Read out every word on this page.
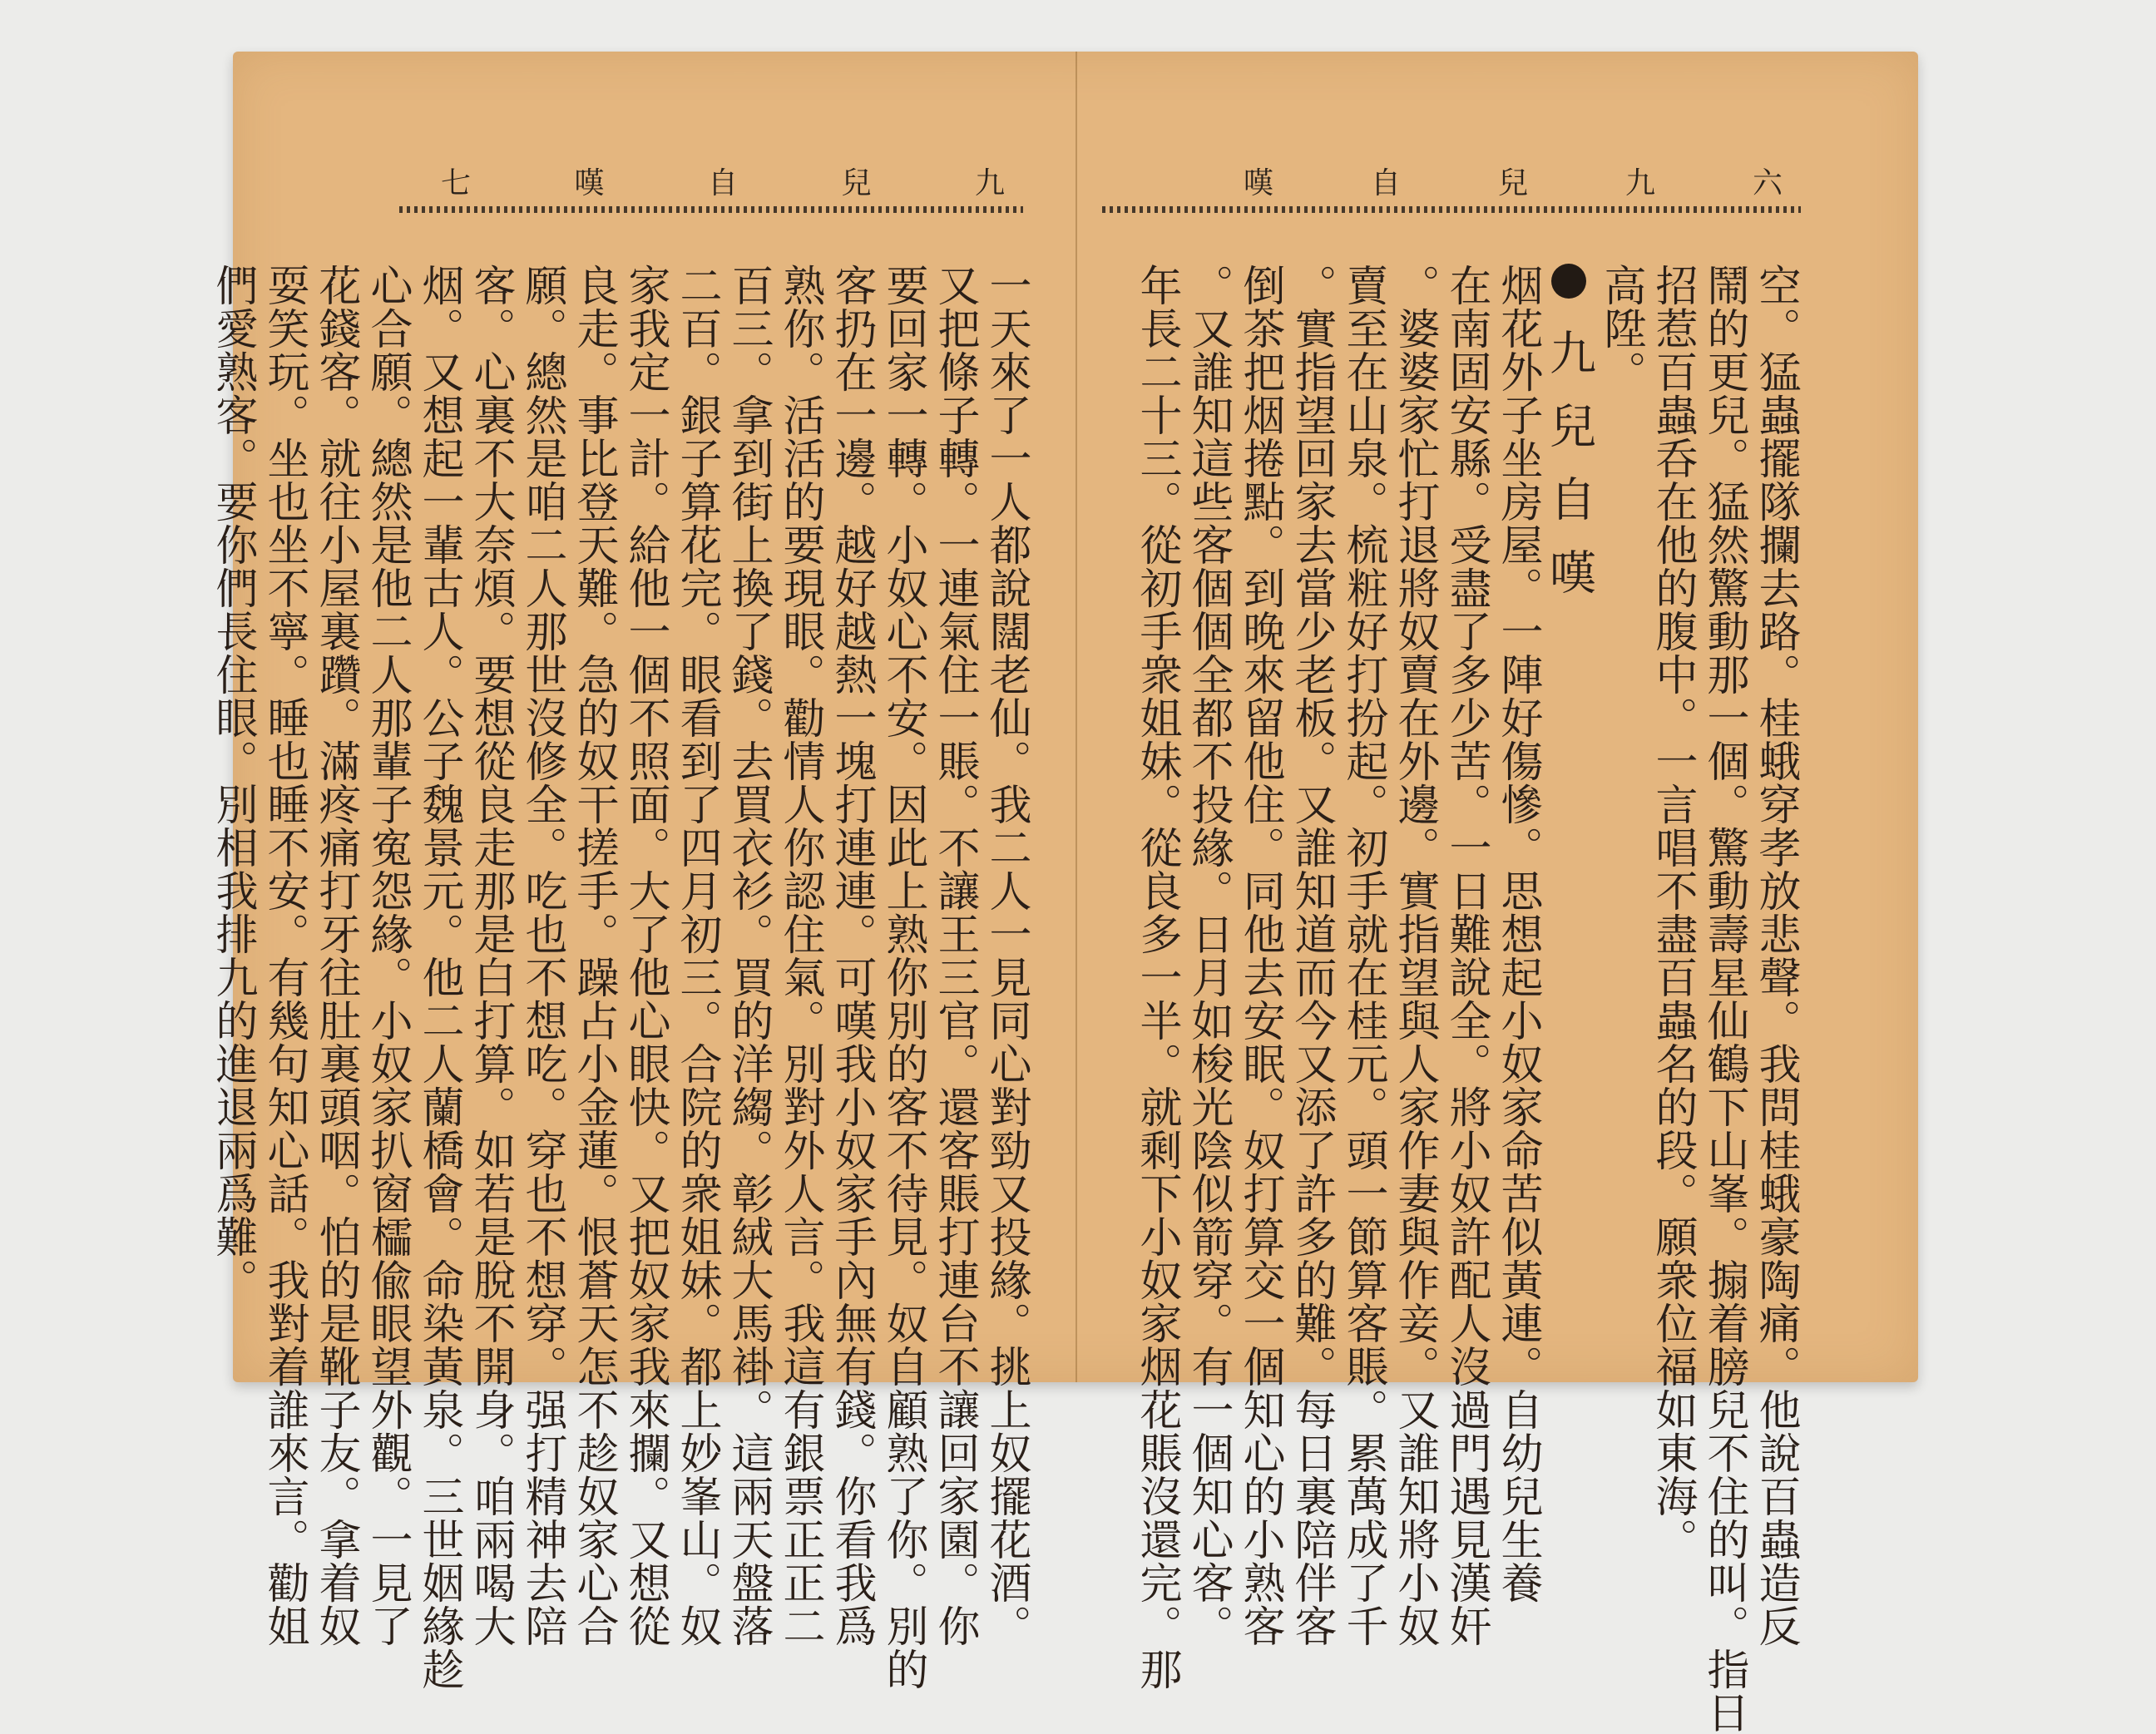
七	嘆	自	兒	九
一天來了一人都說闊老仙。我二人一見同心對勁又投緣。挑上奴擺花酒。
又把條子轉。一連氣住一賬。不讓王三官。還客賬打連台不讓回家園。你
要回家一轉。小奴心不安。因此上熟你別的客不待見。奴自顧熟了你。別的
客扔在一邊。越好越熱一塊打連連。可嘆我小奴家手內無有錢。你看我爲
熟你。活活的要現眼。勸情人你認住氣。別對外人言。我這有銀票正正二
百三。拿到街上換了錢。去買衣衫。買的洋縐。彰絨大馬褂。這兩天盤落
二百。銀子算花完。眼看到了四月初三。合院的衆姐妹。都上妙峯山。奴
家我定一計。給他一個不照面。大了他心眼快。又把奴家我來攔。又想從
良走。事比登天難。急的奴干搓手。躁占小金蓮。恨蒼天怎不趁奴家心合
願。總然是咱二人那世沒修全。吃也不想吃。穿也不想穿。强打精神去陪
客。心裏不大奈煩。要想從良走那是白打算。如若是脫不開身。咱兩喝大
烟。又想起一輩古人。公子魏景元。他二人蘭橋會。命染黃泉。三世姻緣趁
心合願。總然是他二人那輩子寃怨緣。小奴家扒窗櫺偸眼望外觀。一見了
花錢客。就往小屋裏躦。滿疼痛打牙往肚裏頭咽。怕的是靴子友。拿着奴
耍笑玩。坐也坐不寧。睡也睡不安。有幾句知心話。我對着誰來言。勸姐
們愛熟客。要你們長住眼。別相我排九的進退兩爲難。
嘆	自	兒	九	六
空。猛蟲擺隊攔去路。桂蛾穿孝放悲聲。我問桂蛾豪陶痛。他說百蟲造反
鬧的更兒。猛然驚動那一個。驚動壽星仙鶴下山峯。搧着膀兒不住的叫。指日
招惹百蟲呑在他的腹中。一言唱不盡百蟲名的段。願衆位福如東海。
高陞。
九兒自嘆
烟花外子坐房屋。一陣好傷慘。思想起小奴家命苦似黃連。自幼兒生養
在南固安縣。受盡了多少苦。一日難說全。將小奴許配人沒過門遇見漢奸
。婆婆家忙打退將奴賣在外邊。實指望與人家作妻與作妾。又誰知將小奴
賣至在山泉。梳粧好打扮起。初手就在桂元。頭一節算客賬。累萬成了千
。實指望回家去當少老板。又誰知道而今又添了許多的難。每日裏陪伴客
倒茶把烟捲點。到晚來留他住。同他去安眠。奴打算交一個知心的小熟客
。又誰知這些客個個全都不投緣。日月如梭光陰似箭穿。有一個知心客。
年長二十三。從初手衆姐妹。從良多一半。就剩下小奴家烟花賬沒還完。那
